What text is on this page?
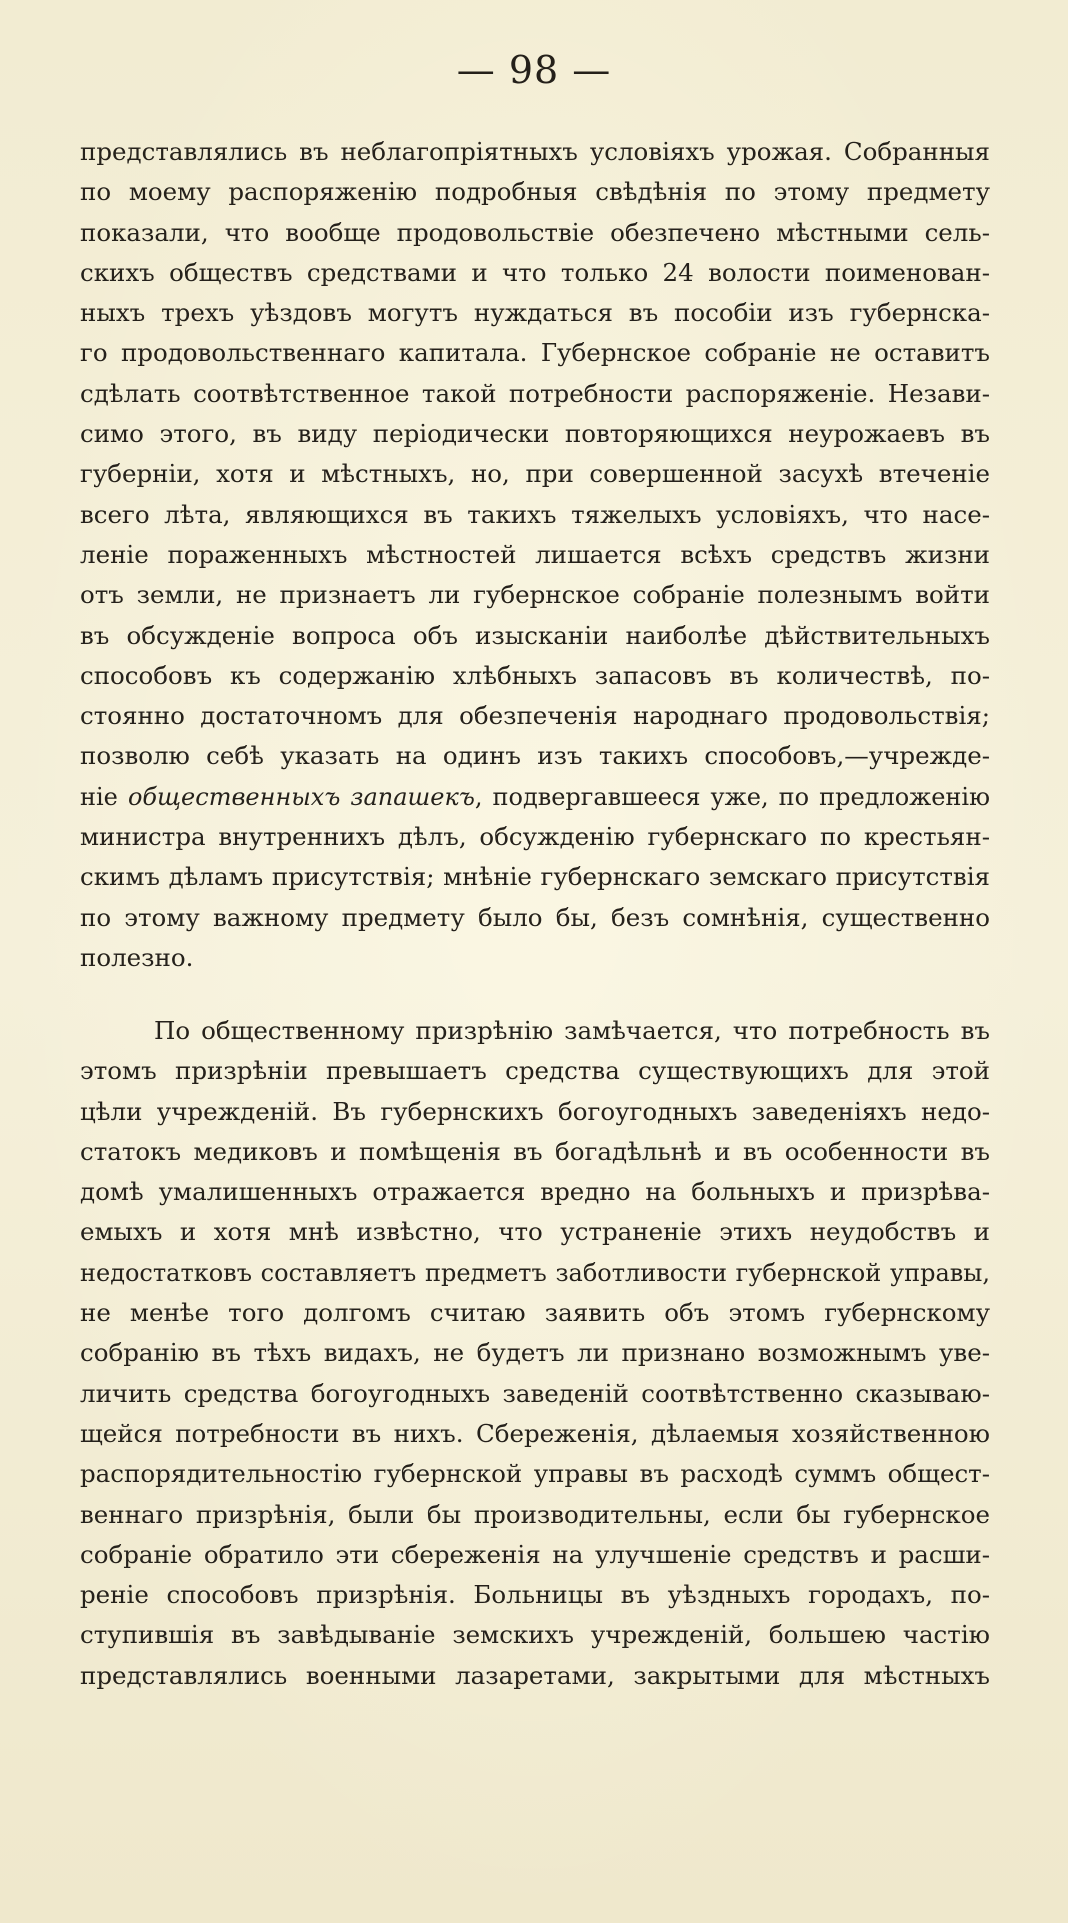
— 98 —
представлялись въ неблагопріятныхъ условіяхъ урожая. Собранныя
по моему распоряженію подробныя свѣдѣнія по этому предмету
показали, что вообще продовольствіе обезпечено мѣстными сель-
скихъ обществъ средствами и что только 24 волости поименован-
ныхъ трехъ уѣздовъ могутъ нуждаться въ пособіи изъ губернска-
го продовольственнаго капитала. Губернское собраніе не оставитъ
сдѣлать соотвѣтственное такой потребности распоряженіе. Незави-
симо этого, въ виду періодически повторяющихся неурожаевъ въ
губерніи, хотя и мѣстныхъ, но, при совершенной засухѣ втеченіе
всего лѣта, являющихся въ такихъ тяжелыхъ условіяхъ, что насе-
леніе пораженныхъ мѣстностей лишается всѣхъ средствъ жизни
отъ земли, не признаетъ ли губернское собраніе полезнымъ войти
въ обсужденіе вопроса объ изысканіи наиболѣе дѣйствительныхъ
способовъ къ содержанію хлѣбныхъ запасовъ въ количествѣ, по-
стоянно достаточномъ для обезпеченія народнаго продовольствія;
позволю себѣ указать на одинъ изъ такихъ способовъ,—учрежде-
ніе общественныхъ запашекъ, подвергавшееся уже, по предложенію
министра внутреннихъ дѣлъ, обсужденію губернскаго по крестьян-
скимъ дѣламъ присутствія; мнѣніе губернскаго земскаго присутствія
по этому важному предмету было бы, безъ сомнѣнія, существенно
полезно.
По общественному призрѣнію замѣчается, что потребность въ
этомъ призрѣніи превышаетъ средства существующихъ для этой
цѣли учрежденій. Въ губернскихъ богоугодныхъ заведеніяхъ недо-
статокъ медиковъ и помѣщенія въ богадѣльнѣ и въ особенности въ
домѣ умалишенныхъ отражается вредно на больныхъ и призрѣва-
емыхъ и хотя мнѣ извѣстно, что устраненіе этихъ неудобствъ и
недостатковъ составляетъ предметъ заботливости губернской управы,
не менѣе того долгомъ считаю заявить объ этомъ губернскому
собранію въ тѣхъ видахъ, не будетъ ли признано возможнымъ уве-
личить средства богоугодныхъ заведеній соотвѣтственно сказываю-
щейся потребности въ нихъ. Сбереженія, дѣлаемыя хозяйственною
распорядительностію губернской управы въ расходѣ суммъ общест-
веннаго призрѣнія, были бы производительны, если бы губернское
собраніе обратило эти сбереженія на улучшеніе средствъ и расши-
реніе способовъ призрѣнія. Больницы въ уѣздныхъ городахъ, по-
ступившія въ завѣдываніе земскихъ учрежденій, большею частію
представлялись военными лазаретами, закрытыми для мѣстныхъ
